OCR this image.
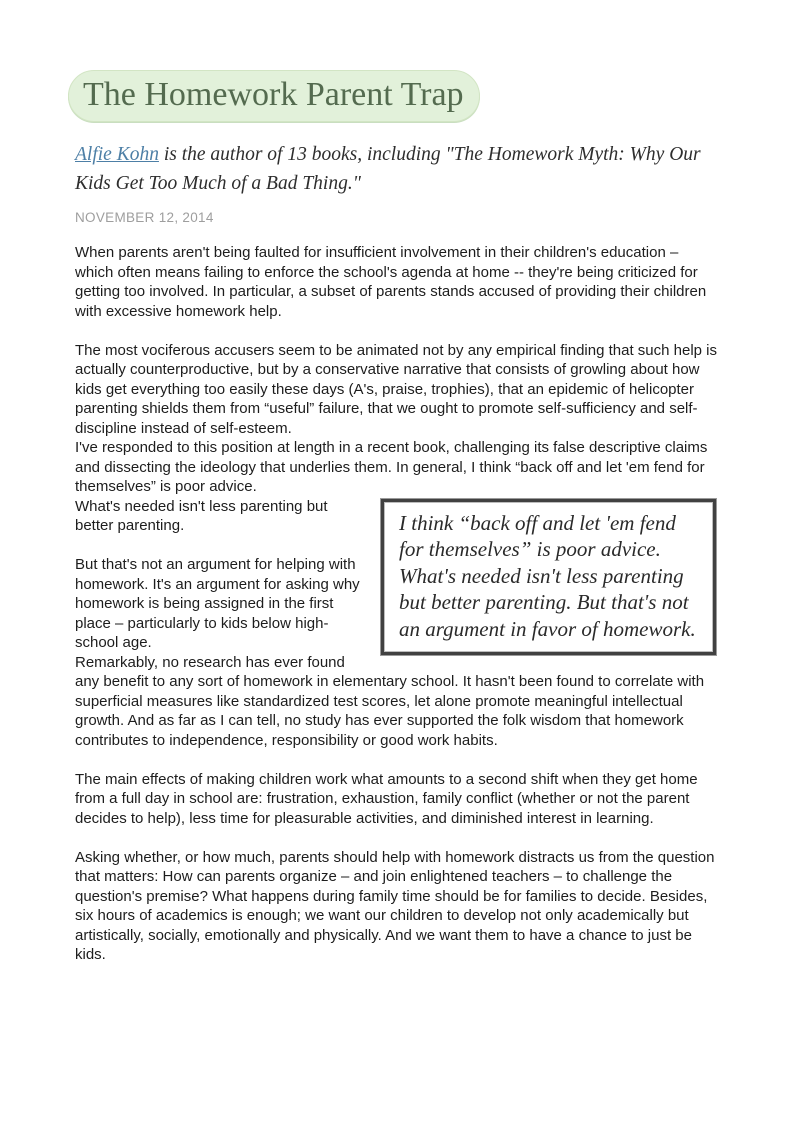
The Homework Parent Trap

Alfie Kohn is the author of 13 books, including "The Homework Myth: Why Our Kids Get Too Much of a Bad Thing."

NOVEMBER 12, 2014

When parents aren't being faulted for insufficient involvement in their children's education – which often means failing to enforce the school's agenda at home -- they're being criticized for getting too involved. In particular, a subset of parents stands accused of providing their children with excessive homework help.

The most vociferous accusers seem to be animated not by any empirical finding that such help is actually counterproductive, but by a conservative narrative that consists of growling about how kids get everything too easily these days (A's, praise, trophies), that an epidemic of helicopter parenting shields them from “useful” failure, that we ought to promote self-sufficiency and self-discipline instead of self-esteem.
I've responded to this position at length in a recent book, challenging its false descriptive claims and dissecting the ideology that underlies them. In general, I think “back off and let 'em fend for themselves” is poor advice.

I think “back off and let 'em fend for themselves” is poor advice. What's needed isn't less parenting but better parenting. But that's not an argument in favor of homework.
What's needed isn't less parenting but better parenting.

But that's not an argument for helping with homework. It's an argument for asking why homework is being assigned in the first place – particularly to kids below high-school age.
Remarkably, no research has ever found any benefit to any sort of homework in elementary school. It hasn't been found to correlate with superficial measures like standardized test scores, let alone promote meaningful intellectual growth. And as far as I can tell, no study has ever supported the folk wisdom that homework contributes to independence, responsibility or good work habits.

The main effects of making children work what amounts to a second shift when they get home from a full day in school are: frustration, exhaustion, family conflict (whether or not the parent decides to help), less time for pleasurable activities, and diminished interest in learning.

Asking whether, or how much, parents should help with homework distracts us from the question that matters: How can parents organize – and join enlightened teachers – to challenge the question's premise? What happens during family time should be for families to decide. Besides, six hours of academics is enough; we want our children to develop not only academically but artistically, socially, emotionally and physically. And we want them to have a chance to just be kids.
